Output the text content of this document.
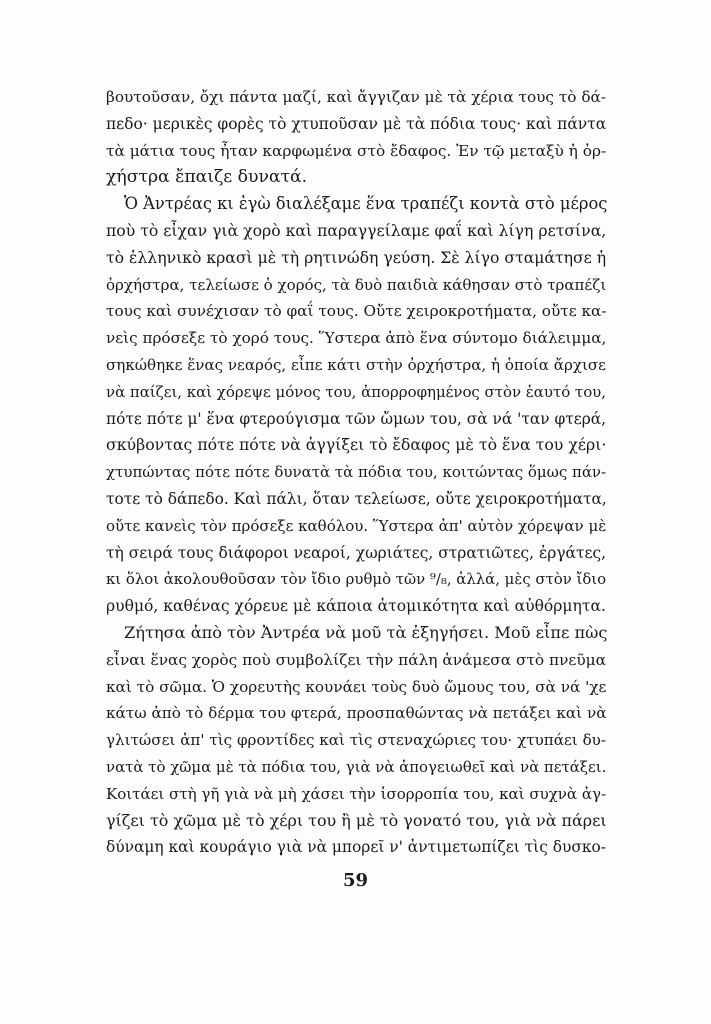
βουτοῦσαν, ὄχι πάντα μαζί, καὶ ἄγγιζαν μὲ τὰ χέρια τους τὸ δά-
πεδο· μερικὲς φορὲς τὸ χτυποῦσαν μὲ τὰ πόδια τους· καὶ πάντα
τὰ μάτια τους ἦταν καρφωμένα στὸ ἔδαφος. Ἐν τῷ μεταξὺ ἡ ὀρ-
χήστρα ἔπαιζε δυνατά.
Ὁ Ἀντρέας κι ἐγὼ διαλέξαμε ἕνα τραπέζι κοντὰ στὸ μέρος
ποὺ τὸ εἶχαν γιὰ χορὸ καὶ παραγγείλαμε φαΐ καὶ λίγη ρετσίνα,
τὸ ἑλληνικὸ κρασὶ μὲ τὴ ρητινώδη γεύση. Σὲ λίγο σταμάτησε ἡ
ὀρχήστρα, τελείωσε ὁ χορός, τὰ δυὸ παιδιὰ κάθησαν στὸ τραπέζι
τους καὶ συνέχισαν τὸ φαΐ τους. Οὔτε χειροκροτήματα, οὔτε κα-
νεὶς πρόσεξε τὸ χορό τους. Ὕστερα ἀπὸ ἕνα σύντομο διάλειμμα,
σηκώθηκε ἕνας νεαρός, εἶπε κάτι στὴν ὀρχήστρα, ἡ ὁποία ἄρχισε
νὰ παίζει, καὶ χόρεψε μόνος του, ἀπορροφημένος στὸν ἑαυτό του,
πότε πότε μ' ἕνα φτερούγισμα τῶν ὤμων του, σὰ νά 'ταν φτερά,
σκύβοντας πότε πότε νὰ ἀγγίξει τὸ ἔδαφος μὲ τὸ ἕνα του χέρι·
χτυπώντας πότε πότε δυνατὰ τὰ πόδια του, κοιτώντας ὅμως πάν-
τοτε τὸ δάπεδο. Καὶ πάλι, ὅταν τελείωσε, οὔτε χειροκροτήματα,
οὔτε κανεὶς τὸν πρόσεξε καθόλου. Ὕστερα ἀπ' αὐτὸν χόρεψαν μὲ
τὴ σειρά τους διάφοροι νεαροί, χωριάτες, στρατιῶτες, ἐργάτες,
κι ὅλοι ἀκολουθοῦσαν τὸν ἴδιο ρυθμὸ τῶν ⁹/₈, ἀλλά, μὲς στὸν ἴδιο
ρυθμό, καθένας χόρευε μὲ κάποια ἀτομικότητα καὶ αὐθόρμητα.
Ζήτησα ἀπὸ τὸν Ἀντρέα νὰ μοῦ τὰ ἐξηγήσει. Μοῦ εἶπε πὼς
εἶναι ἕνας χορὸς ποὺ συμβολίζει τὴν πάλη ἀνάμεσα στὸ πνεῦμα
καὶ τὸ σῶμα. Ὁ χορευτὴς κουνάει τοὺς δυὸ ὤμους του, σὰ νά 'χε
κάτω ἀπὸ τὸ δέρμα του φτερά, προσπαθώντας νὰ πετάξει καὶ νὰ
γλιτώσει ἀπ' τὶς φροντίδες καὶ τὶς στεναχώριες του· χτυπάει δυ-
νατὰ τὸ χῶμα μὲ τὰ πόδια του, γιὰ νὰ ἀπογειωθεῖ καὶ νὰ πετάξει.
Κοιτάει στὴ γῆ γιὰ νὰ μὴ χάσει τὴν ἰσορροπία του, καὶ συχνὰ ἀγ-
γίζει τὸ χῶμα μὲ τὸ χέρι του ἢ μὲ τὸ γονατό του, γιὰ νὰ πάρει
δύναμη καὶ κουράγιο γιὰ νὰ μπορεῖ ν' ἀντιμετωπίζει τὶς δυσκο-
59
